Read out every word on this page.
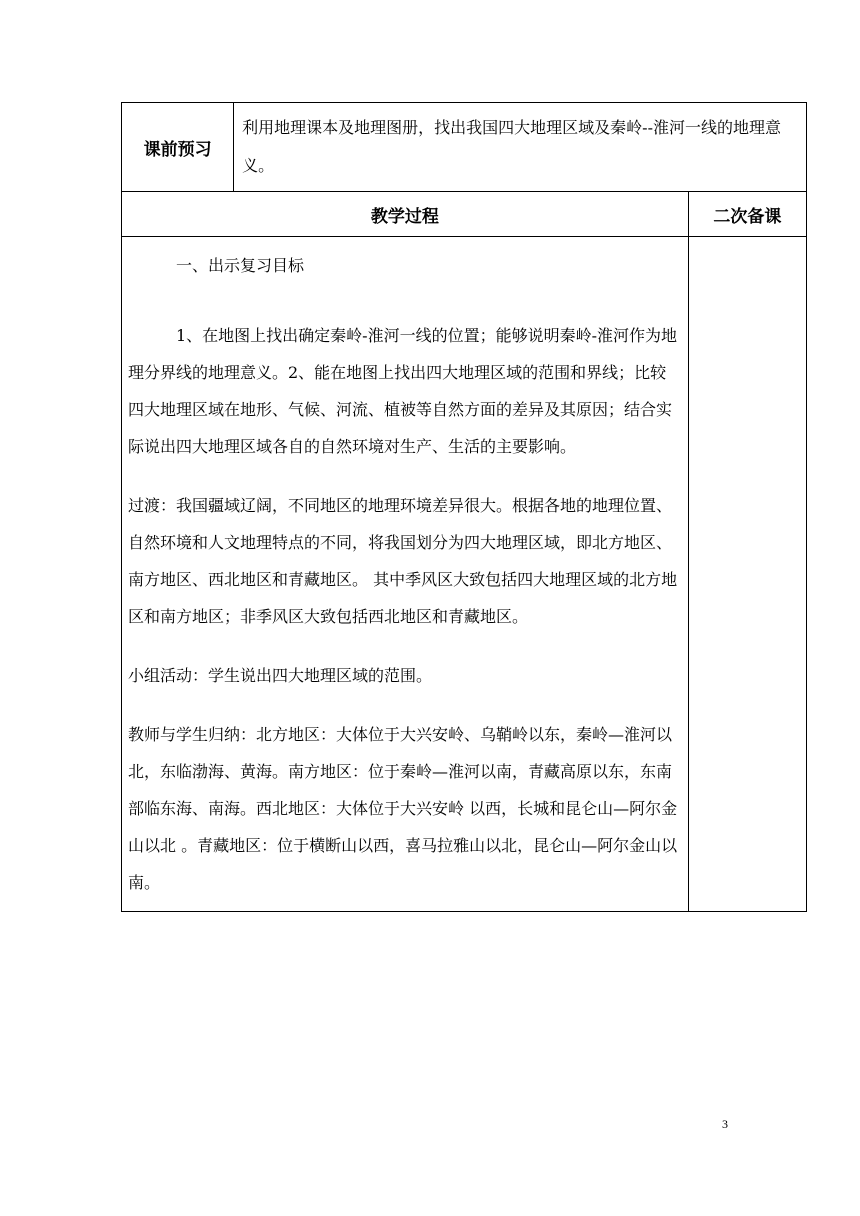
课前预习	利用地理课本及地理图册，找出我国四大地理区域及秦岭--淮河一线的地理意义。	
教学过程		二次备课

一、出示复习目标

1、在地图上找出确定秦岭-淮河一线的位置；能够说明秦岭-淮河作为地理分界线的地理意义。2、能在地图上找出四大地理区域的范围和界线；比较四大地理区域在地形、气候、河流、植被等自然方面的差异及其原因；结合实际说出四大地理区域各自的自然环境对生产、生活的主要影响。

过渡：我国疆域辽阔，不同地区的地理环境差异很大。根据各地的地理位置、自然环境和人文地理特点的不同，将我国划分为四大地理区域，即北方地区、南方地区、西北地区和青藏地区。 其中季风区大致包括四大地理区域的北方地区和南方地区；非季风区大致包括西北地区和青藏地区。

小组活动：学生说出四大地理区域的范围。

教师与学生归纳：北方地区：大体位于大兴安岭、乌鞘岭以东，秦岭—淮河以北，东临渤海、黄海。南方地区：位于秦岭—淮河以南，青藏高原以东，东南部临东海、南海。西北地区：大体位于大兴安岭 以西，长城和昆仑山—阿尔金山以北 。青藏地区：位于横断山以西，喜马拉雅山以北，昆仑山—阿尔金山以南。		

3
